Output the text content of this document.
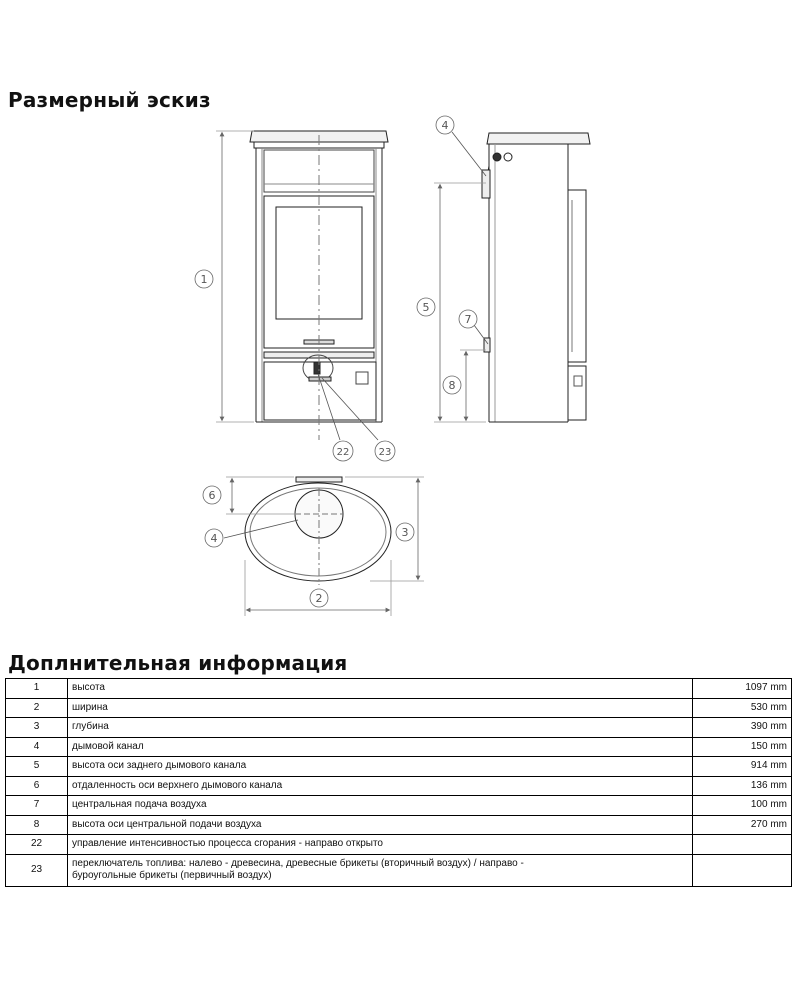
Размерный эскиз
1
4
5
7
8
22	23
6
4	3
2
Доплнительная информация
1	высота	1097 mm
2	ширина	530 mm
3	глубина	390 mm
4	дымовой канал	150 mm
5	высота оси заднего дымового канала	914 mm
6	отдаленность оси верхнего дымового канала	136 mm
7	центральная подача воздуха	100 mm
8	высота оси центральной подачи воздуха	270 mm
22	управление интенсивностью процесса сгорания - направо открыто	
23	переключатель топлива: налево - древесина, древесные брикеты (вторичный воздух) / направо - буроугольные брикеты (первичный воздух)	
